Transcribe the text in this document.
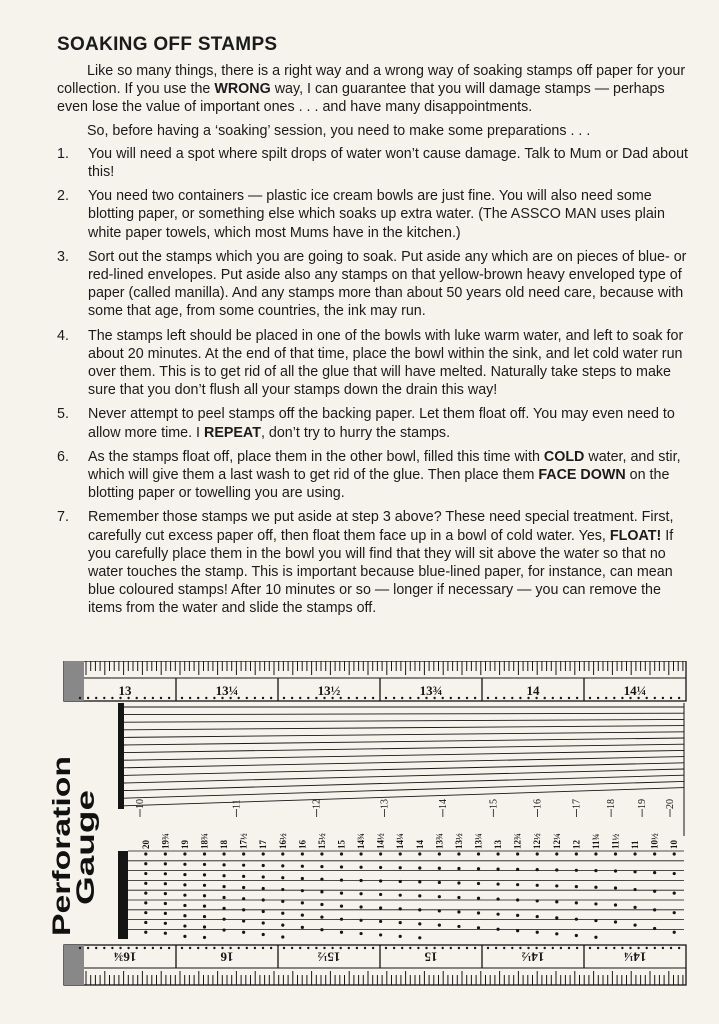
SOAKING OFF STAMPS

Like so many things, there is a right way and a wrong way of soaking stamps off paper for your collection. If you use the WRONG way, I can guarantee that you will damage stamps — perhaps even lose the value of important ones . . . and have many disappointments.

So, before having a ‘soaking’ session, you need to make some preparations . . .

1. You will need a spot where spilt drops of water won’t cause damage. Talk to Mum or Dad about this!
2. You need two containers — plastic ice cream bowls are just fine. You will also need some blotting paper, or something else which soaks up extra water. (The ASSCO MAN uses plain white paper towels, which most Mums have in the kitchen.)
3. Sort out the stamps which you are going to soak. Put aside any which are on pieces of blue- or red-lined envelopes. Put aside also any stamps on that yellow-brown heavy enveloped type of paper (called manilla). And any stamps more than about 50 years old need care, because with some that age, from some countries, the ink may run.
4. The stamps left should be placed in one of the bowls with luke warm water, and left to soak for about 20 minutes. At the end of that time, place the bowl within the sink, and let cold water run over them. This is to get rid of all the glue that will have melted. Naturally take steps to make sure that you don’t flush all your stamps down the drain this way!
5. Never attempt to peel stamps off the backing paper. Let them float off. You may even need to allow more time. I REPEAT, don’t try to hurry the stamps.
6. As the stamps float off, place them in the other bowl, filled this time with COLD water, and stir, which will give them a last wash to get rid of the glue. Then place them FACE DOWN on the blotting paper or towelling you are using.
7. Remember those stamps we put aside at step 3 above? These need special treatment. First, carefully cut excess paper off, then float them face up in a bowl of cold water. Yes, FLOAT! If you carefully place them in the bowl you will find that they will sit above the water so that no water touches the stamp. This is important because blue-lined paper, for instance, can mean blue coloured stamps! After 10 minutes or so — longer if necessary — you can remove the items from the water and slide the stamps off.
13	13¼	13½	13¾	14	14¼
10	11	12	13	14	15	16	17 18 19 20
20 19¾ 19 18¾ 18 17½ 17 16½ 16 15½ 15 14¾ 14½ 14¼ 14 13¾ 13½ 13¼ 13 12¾ 12½ 12¼ 12 11¾ 11½ 11 10½ 10
16¾	16	15½	15	14½	14¼
Perforation
Gauge
